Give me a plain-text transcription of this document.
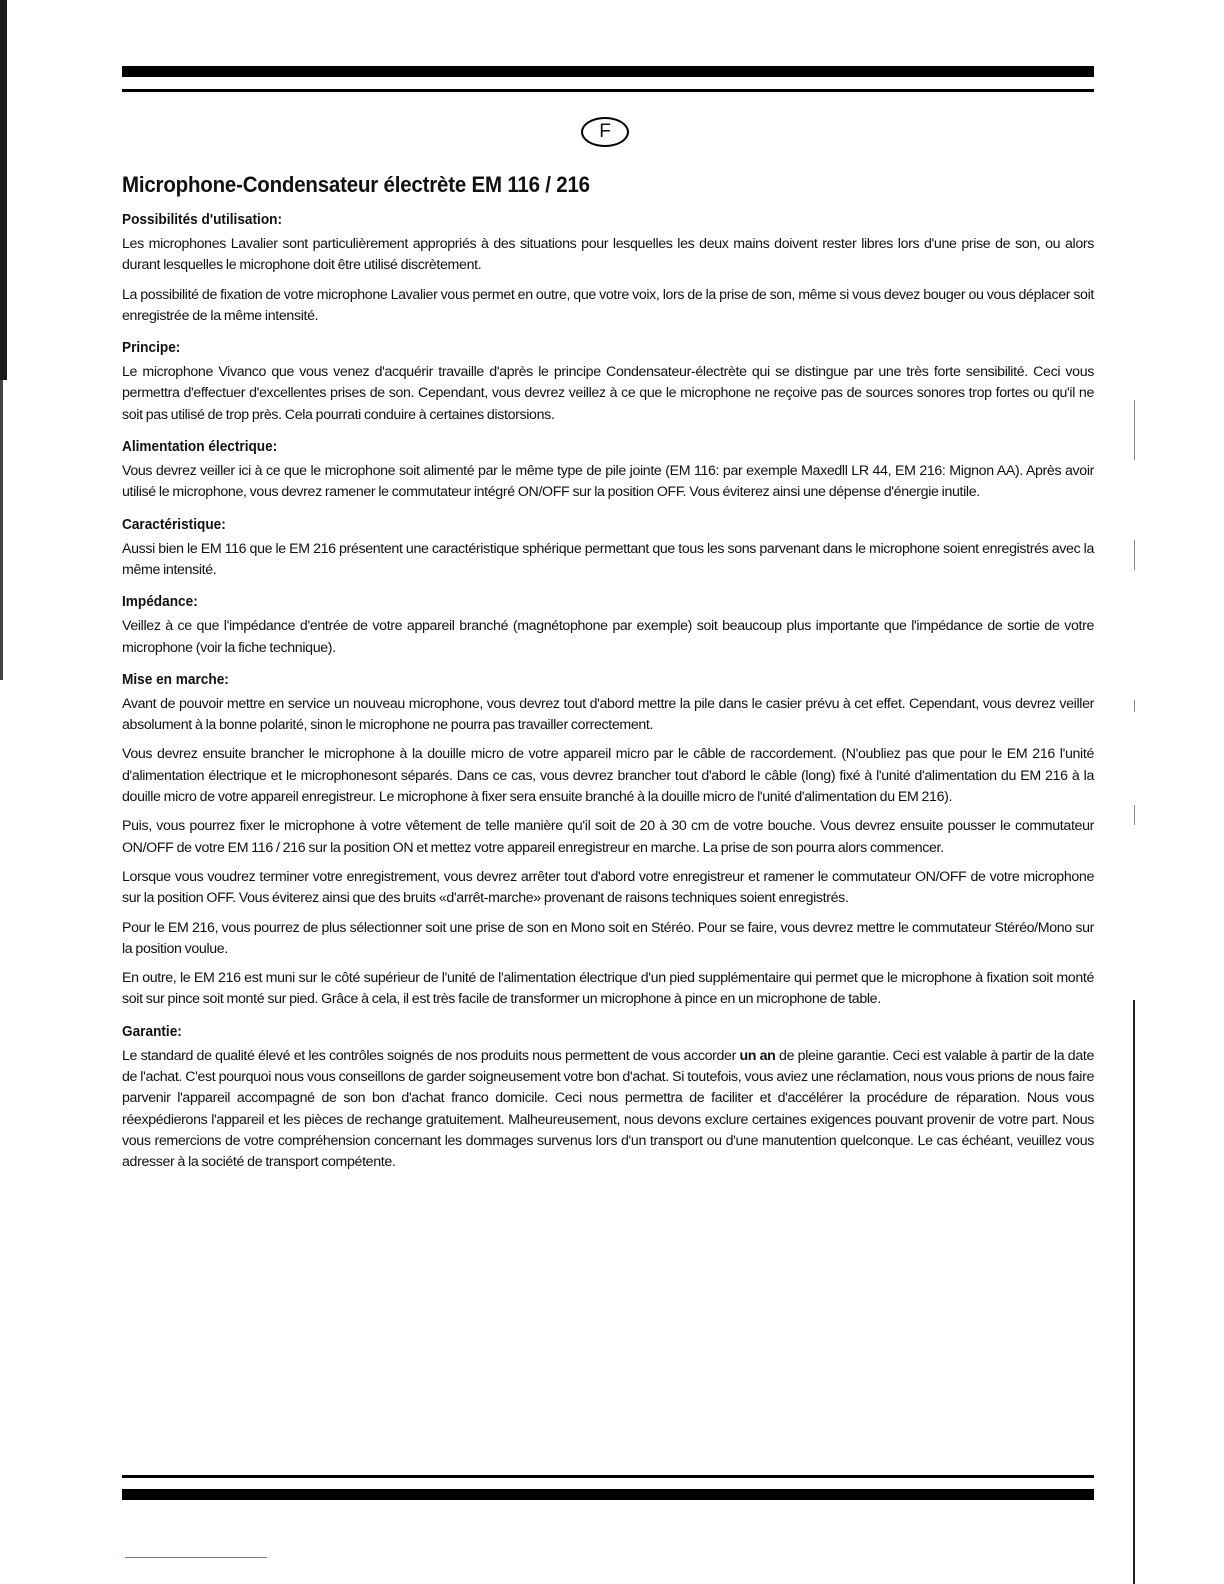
F
Microphone-Condensateur électrète EM 116 / 216
Possibilités d'utilisation:

Les microphones Lavalier sont particulièrement appropriés à des situations pour lesquelles les deux mains doivent rester libres lors d'une prise de son, ou alors durant lesquelles le microphone doit être utilisé discrètement.

La possibilité de fixation de votre microphone Lavalier vous permet en outre, que votre voix, lors de la prise de son, même si vous devez bouger ou vous déplacer soit enregistrée de la même intensité.

Principe:

Le microphone Vivanco que vous venez d'acquérir travaille d'après le principe Condensateur-électrète qui se distingue par une très forte sensibilité. Ceci vous permettra d'effectuer d'excellentes prises de son. Cependant, vous devrez veillez à ce que le microphone ne reçoive pas de sources sonores trop fortes ou qu'il ne soit pas utilisé de trop près. Cela pourrati conduire à certaines distorsions.

Alimentation électrique:

Vous devrez veiller ici à ce que le microphone soit alimenté par le même type de pile jointe (EM 116: par exemple Maxedll LR 44, EM 216: Mignon AA). Après avoir utilisé le microphone, vous devrez ramener le commutateur intégré ON/OFF sur la position OFF. Vous éviterez ainsi une dépense d'énergie inutile.

Caractéristique:

Aussi bien le EM 116 que le EM 216 présentent une caractéristique sphérique permettant que tous les sons parvenant dans le microphone soient enregistrés avec la même intensité.

Impédance:

Veillez à ce que l'impédance d'entrée de votre appareil branché (magnétophone par exemple) soit beaucoup plus importante que l'impédance de sortie de votre microphone (voir la fiche technique).

Mise en marche:

Avant de pouvoir mettre en service un nouveau microphone, vous devrez tout d'abord mettre la pile dans le casier prévu à cet effet. Cependant, vous devrez veiller absolument à la bonne polarité, sinon le microphone ne pourra pas travailler correctement.

Vous devrez ensuite brancher le microphone à la douille micro de votre appareil micro par le câble de raccordement. (N'oubliez pas que pour le EM 216 l'unité d'alimentation électrique et le microphonesont séparés. Dans ce cas, vous devrez brancher tout d'abord le câble (long) fixé à l'unité d'alimentation du EM 216 à la douille micro de votre appareil enregistreur. Le microphone à fixer sera ensuite branché à la douille micro de l'unité d'alimentation du EM 216).

Puis, vous pourrez fixer le microphone à votre vêtement de telle manière qu'il soit de 20 à 30 cm de votre bouche. Vous devrez ensuite pousser le commutateur ON/OFF de votre EM 116 / 216 sur la position ON et mettez votre appareil enregistreur en marche. La prise de son pourra alors commencer.

Lorsque vous voudrez terminer votre enregistrement, vous devrez arrêter tout d'abord votre enregistreur et ramener le commutateur ON/OFF de votre microphone sur la position OFF. Vous éviterez ainsi que des bruits «d'arrêt-marche» provenant de raisons techniques soient enregistrés.

Pour le EM 216, vous pourrez de plus sélectionner soit une prise de son en Mono soit en Stéréo. Pour se faire, vous devrez mettre le commutateur Stéréo/Mono sur la position voulue.

En outre, le EM 216 est muni sur le côté supérieur de l'unité de l'alimentation électrique d'un pied supplémentaire qui permet que le microphone à fixation soit monté soit sur pince soit monté sur pied. Grâce à cela, il est très facile de transformer un microphone à pince en un microphone de table.

Garantie:

Le standard de qualité élevé et les contrôles soignés de nos produits nous permettent de vous accorder un an de pleine garantie. Ceci est valable à partir de la date de l'achat. C'est pourquoi nous vous conseillons de garder soigneusement votre bon d'achat. Si toutefois, vous aviez une réclamation, nous vous prions de nous faire parvenir l'appareil accompagné de son bon d'achat franco domicile. Ceci nous permettra de faciliter et d'accélérer la procédure de réparation. Nous vous réexpédierons l'appareil et les pièces de rechange gratuitement. Malheureusement, nous devons exclure certaines exigences pouvant provenir de votre part. Nous vous remercions de votre compréhension concernant les dommages survenus lors d'un transport ou d'une manutention quelconque. Le cas échéant, veuillez vous adresser à la société de transport compétente.
